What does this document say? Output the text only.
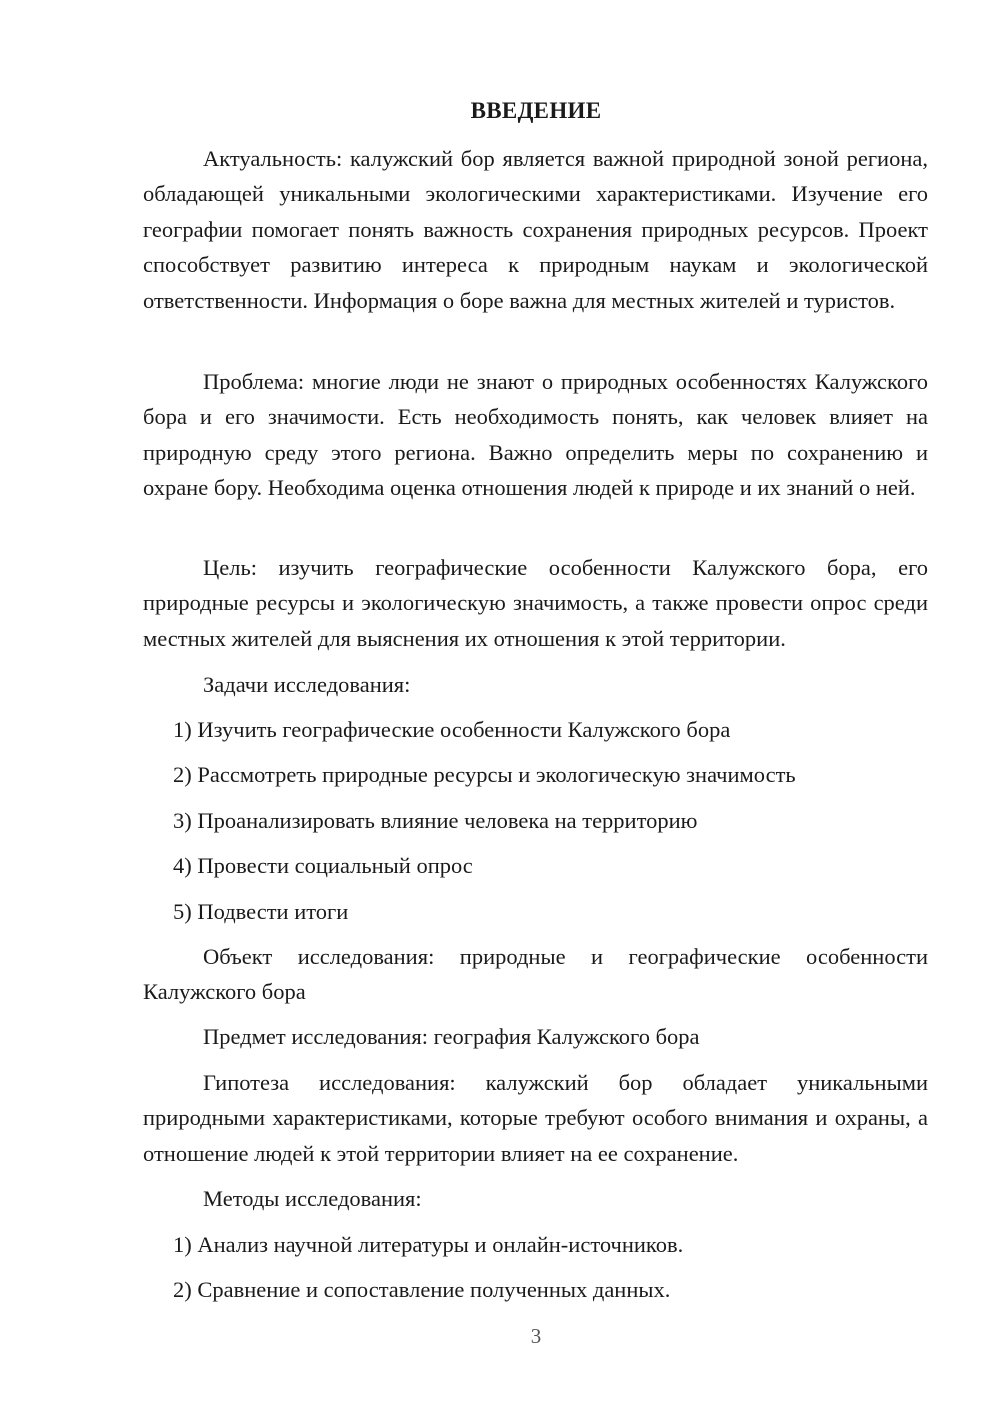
ВВЕДЕНИЕ

Актуальность: калужский бор является важной природной зоной региона, обладающей уникальными экологическими характеристиками. Изучение его географии помогает понять важность сохранения природных ресурсов. Проект способствует развитию интереса к природным наукам и экологической ответственности. Информация о боре важна для местных жителей и туристов.

Проблема: многие люди не знают о природных особенностях Калужского бора и его значимости. Есть необходимость понять, как человек влияет на природную среду этого региона. Важно определить меры по сохранению и охране бору. Необходима оценка отношения людей к природе и их знаний о ней.

Цель: изучить географические особенности Калужского бора, его природные ресурсы и экологическую значимость, а также провести опрос среди местных жителей для выяснения их отношения к этой территории.

Задачи исследования:

1) Изучить географические особенности Калужского бора

2) Рассмотреть природные ресурсы и экологическую значимость

3) Проанализировать влияние человека на территорию

4) Провести социальный опрос

5) Подвести итоги

Объект исследования: природные и географические особенности Калужского бора

Предмет исследования: география Калужского бора

Гипотеза исследования: калужский бор обладает уникальными природными характеристиками, которые требуют особого внимания и охраны, а отношение людей к этой территории влияет на ее сохранение.

Методы исследования:

1) Анализ научной литературы и онлайн-источников.

2) Сравнение и сопоставление полученных данных.

3
